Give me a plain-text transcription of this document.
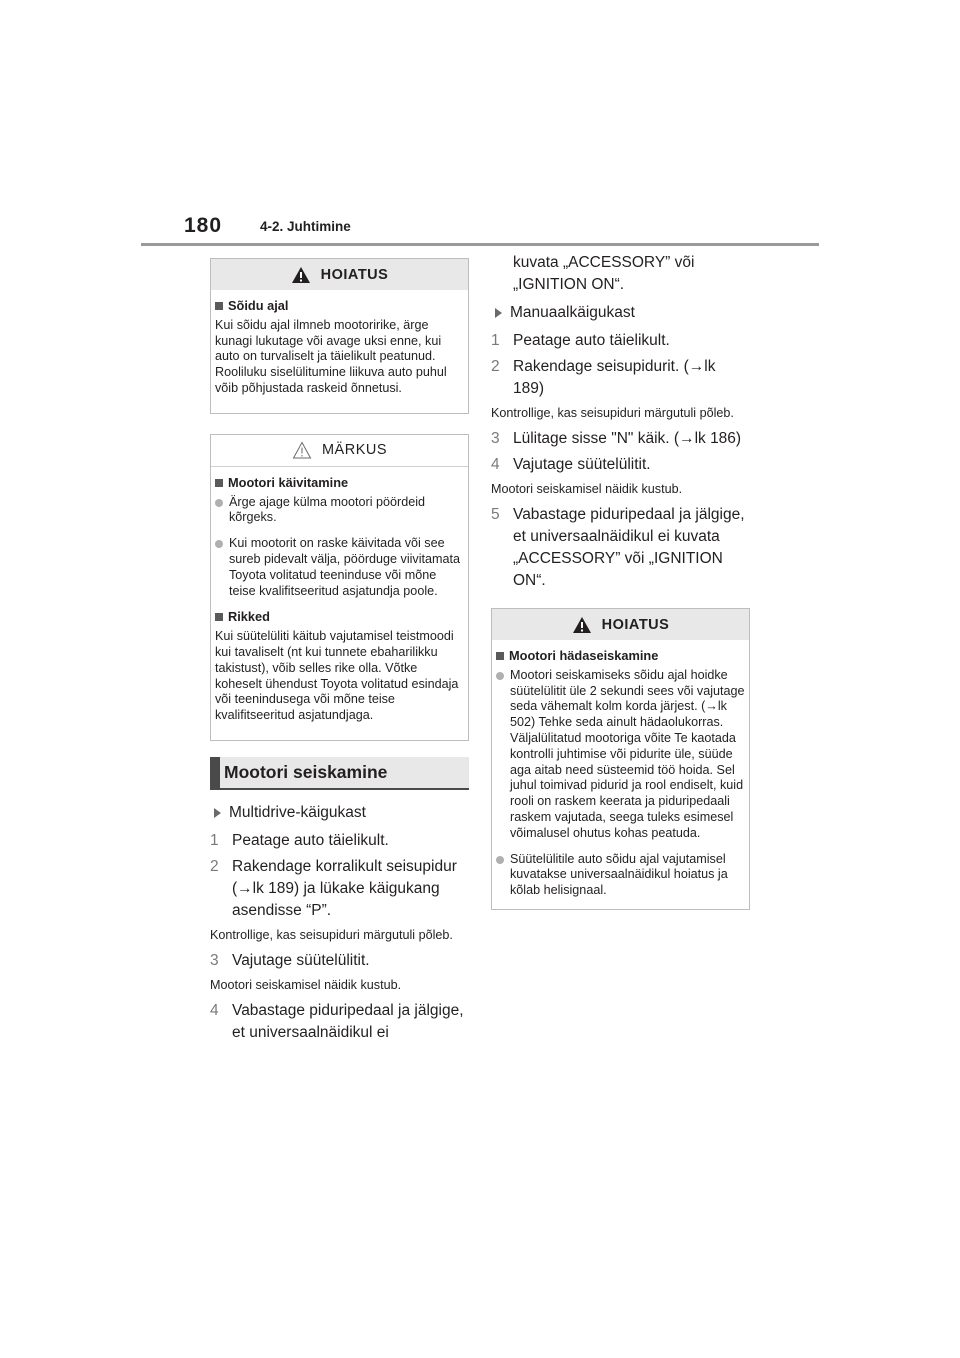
180	4-2. Juhtimine
HOIATUS
Sõidu ajal
Kui sõidu ajal ilmneb mootoririke, ärge kunagi lukutage või avage uksi enne, kui auto on turvaliselt ja täielikult peatunud. Rooliluku siselülitumine liikuva auto puhul võib põhjustada raskeid õnnetusi.
MÄRKUS
Mootori käivitamine
Ärge ajage külma mootori pöördeid kõrgeks.
Kui mootorit on raske käivitada või see sureb pidevalt välja, pöörduge viivitamata Toyota volitatud teeninduse või mõne teise kvalifitseeritud asjatundja poole.
Rikked
Kui süütelüliti käitub vajutamisel teistmoodi kui tavaliselt (nt kui tunnete ebaharilikku takistust), võib selles rike olla. Võtke koheselt ühendust Toyota volitatud esindaja või teenindusega või mõne teise kvalifitseeritud asjatundjaga.
Mootori seiskamine
Multidrive-käigukast
1 Peatage auto täielikult.
2 Rakendage korralikult seisupidur (→lk 189) ja lükake käigukang asendisse “P”.
Kontrollige, kas seisupiduri märgutuli põleb.
3 Vajutage süütelülitit.
Mootori seiskamisel näidik kustub.
4 Vabastage piduripedaal ja jälgige, et universaalnäidikul ei
kuvata „ACCESSORY” või „IGNITION ON“.
Manuaalkäigukast
1 Peatage auto täielikult.
2 Rakendage seisupidurit. (→lk 189)
Kontrollige, kas seisupiduri märgutuli põleb.
3 Lülitage sisse "N" käik. (→lk 186)
4 Vajutage süütelülitit.
Mootori seiskamisel näidik kustub.
5 Vabastage piduripedaal ja jälgige, et universaalnäidikul ei kuvata „ACCESSORY” või „IGNITION ON“.
HOIATUS
Mootori hädaseiskamine
Mootori seiskamiseks sõidu ajal hoidke süütelülitit üle 2 sekundi sees või vajutage seda vähemalt kolm korda järjest. (→lk 502) Tehke seda ainult hädaolukorras. Väljalülitatud mootoriga võite Te kaotada kontrolli juhtimise või pidurite üle, süüde aga aitab need süsteemid töö hoida. Sel juhul toimivad pidurid ja rool endiselt, kuid rooli on raskem keerata ja piduripedaali raskem vajutada, seega tuleks esimesel võimalusel ohutus kohas peatuda.
Süütelülitile auto sõidu ajal vajutamisel kuvatakse universaalnäidikul hoiatus ja kõlab helisignaal.
